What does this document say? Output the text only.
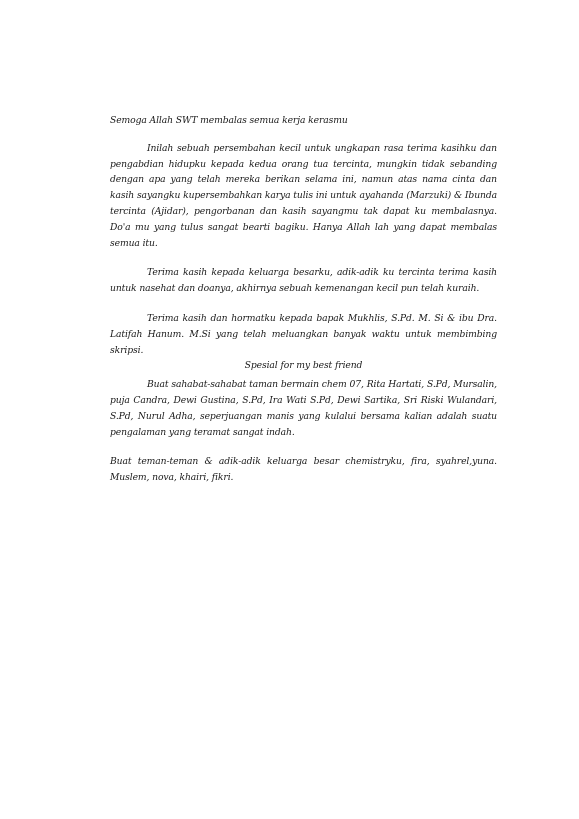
Semoga Allah SWT membalas semua kerja kerasmu

Inilah sebuah persembahan kecil untuk ungkapan rasa terima kasihku dan pengabdian hidupku kepada kedua orang tua tercinta, mungkin tidak sebanding dengan apa yang telah mereka berikan selama ini, namun atas nama cinta dan kasih sayangku kupersembahkan karya tulis ini untuk ayahanda (Marzuki) & Ibunda tercinta (Ajidar), pengorbanan dan kasih sayangmu tak dapat ku membalasnya. Do'a mu yang tulus sangat bearti bagiku. Hanya Allah lah yang dapat membalas semua itu.

Terima kasih kepada keluarga besarku, adik-adik ku tercinta terima kasih untuk nasehat dan doanya, akhirnya sebuah kemenangan kecil pun telah kuraih.

Terima kasih dan hormatku kepada bapak Mukhlis, S.Pd. M. Si & ibu Dra. Latifah Hanum. M.Si yang telah meluangkan banyak waktu untuk membimbing skripsi.

Spesial for my best friend

Buat sahabat-sahabat taman bermain chem 07, Rita Hartati, S.Pd, Mursalin, puja Candra, Dewi Gustina, S.Pd, Ira Wati S.Pd, Dewi Sartika, Sri Riski Wulandari, S.Pd, Nurul Adha, seperjuangan manis yang kulalui bersama kalian adalah suatu pengalaman yang teramat sangat indah.

Buat teman-teman & adik-adik keluarga besar chemistryku, fira, syahrel,yuna. Muslem, nova, khairi, fikri.
